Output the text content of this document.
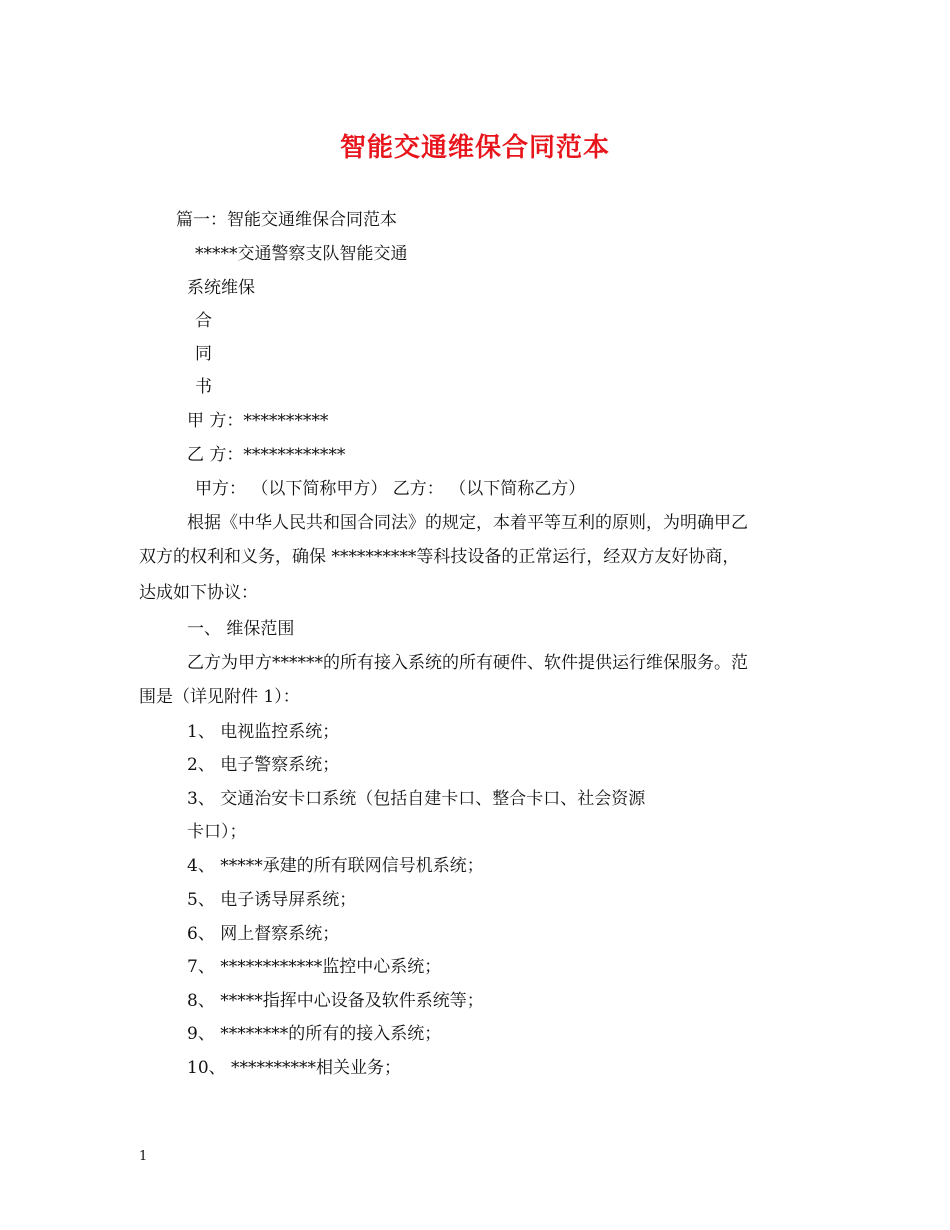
智能交通维保合同范本
篇一：智能交通维保合同范本
*****交通警察支队智能交通
系统维保
合
同
书
甲 方：**********
乙 方：************
甲方： （以下简称甲方） 乙方： （以下简称乙方）
根据《中华人民共和国合同法》的规定，本着平等互利的原则，为明确甲乙
双方的权利和义务，确保 **********等科技设备的正常运行，经双方友好协商，
达成如下协议：
一、 维保范围
乙方为甲方******的所有接入系统的所有硬件、软件提供运行维保服务。范
围是（详见附件 1）：
1、 电视监控系统；
2、 电子警察系统；
3、 交通治安卡口系统（包括自建卡口、整合卡口、社会资源
卡口）；
4、 *****承建的所有联网信号机系统；
5、 电子诱导屏系统；
6、 网上督察系统；
7、 ************监控中心系统；
8、 *****指挥中心设备及软件系统等；
9、 ********的所有的接入系统；
10、 **********相关业务；
1
